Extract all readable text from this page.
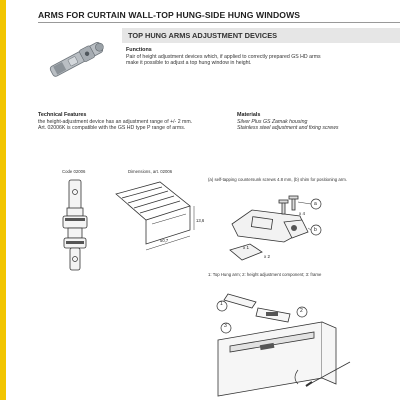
ARMS FOR CURTAIN WALL-TOP HUNG-SIDE HUNG WINDOWS
TOP HUNG ARMS ADJUSTMENT DEVICES
Functions
Pair of height adjustment devices which, if applied to correctly prepared GS HD arms make it possible to adjust a top hung window in height.
Technical Features
the height-adjustment device has an adjustment range of +/- 2 mm.
Art. 02006K is compatible with the GS HD type P range of arms.
Materials
Silver Plus GS Zamak housing
Stainless steel adjustment and fixing screws
Code 02006	Dimensions, art. 02006
50,7
13,6
(a) self-tapping countersunk screws 4.8 mm, (b) shim for positioning arm.
a
b
x 4
x 1
x 2
1: Top Hung arm; 2: height adjustment component; 3: frame
1
2
3
